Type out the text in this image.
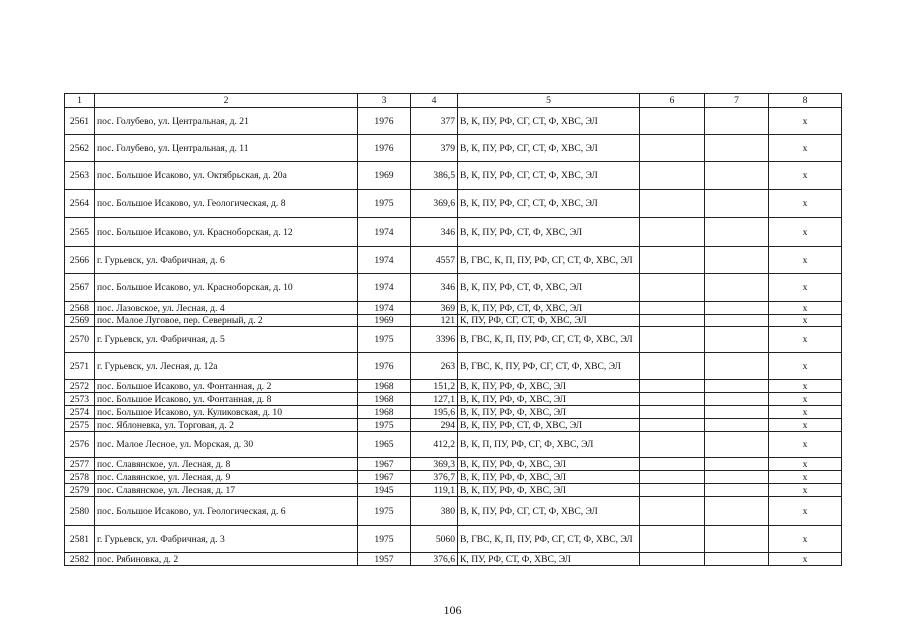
1	2	3	4	5	6	7	8
2561	пос. Голубево, ул. Центральная, д. 21	1976	377	В, К, ПУ, РФ, СГ, СТ, Ф, ХВС, ЭЛ			х
2562	пос. Голубево, ул. Центральная, д. 11	1976	379	В, К, ПУ, РФ, СГ, СТ, Ф, ХВС, ЭЛ			х
2563	пос. Большое Исаково, ул. Октябрьская, д. 20а	1969	386,5	В, К, ПУ, РФ, СГ, СТ, Ф, ХВС, ЭЛ			х
2564	пос. Большое Исаково, ул. Геологическая, д. 8	1975	369,6	В, К, ПУ, РФ, СГ, СТ, Ф, ХВС, ЭЛ			х
2565	пос. Большое Исаково, ул. Красноборская, д. 12	1974	346	В, К, ПУ, РФ, СТ, Ф, ХВС, ЭЛ			х
2566	г. Гурьевск, ул. Фабричная, д. 6	1974	4557	В, ГВС, К, П, ПУ, РФ, СГ, СТ, Ф, ХВС, ЭЛ			х
2567	пос. Большое Исаково, ул. Красноборская, д. 10	1974	346	В, К, ПУ, РФ, СТ, Ф, ХВС, ЭЛ			х
2568	пос. Лазовское, ул. Лесная, д. 4	1974	369	В, К, ПУ, РФ, СТ, Ф, ХВС, ЭЛ			х
2569	пос. Малое Луговое, пер. Северный, д. 2	1969	121	К, ПУ, РФ, СГ, СТ, Ф, ХВС, ЭЛ			х
2570	г. Гурьевск, ул. Фабричная, д. 5	1975	3396	В, ГВС, К, П, ПУ, РФ, СГ, СТ, Ф, ХВС, ЭЛ			х
2571	г. Гурьевск, ул. Лесная, д. 12а	1976	263	В, ГВС, К, ПУ, РФ, СГ, СТ, Ф, ХВС, ЭЛ			х
2572	пос. Большое Исаково, ул. Фонтанная, д. 2	1968	151,2	В, К, ПУ, РФ, Ф, ХВС, ЭЛ			х
2573	пос. Большое Исаково, ул. Фонтанная, д. 8	1968	127,1	В, К, ПУ, РФ, Ф, ХВС, ЭЛ			х
2574	пос. Большое Исаково, ул. Куликовская, д. 10	1968	195,6	В, К, ПУ, РФ, Ф, ХВС, ЭЛ			х
2575	пос. Яблоневка, ул. Торговая, д. 2	1975	294	В, К, ПУ, РФ, СТ, Ф, ХВС, ЭЛ			х
2576	пос. Малое Лесное, ул. Морская, д. 30	1965	412,2	В, К, П, ПУ, РФ, СГ, Ф, ХВС, ЭЛ			х
2577	пос. Славянское, ул. Лесная, д. 8	1967	369,3	В, К, ПУ, РФ, Ф, ХВС, ЭЛ			х
2578	пос. Славянское, ул. Лесная, д. 9	1967	376,7	В, К, ПУ, РФ, Ф, ХВС, ЭЛ			х
2579	пос. Славянское, ул. Лесная, д. 17	1945	119,1	В, К, ПУ, РФ, Ф, ХВС, ЭЛ			х
2580	пос. Большое Исаково, ул. Геологическая, д. 6	1975	380	В, К, ПУ, РФ, СГ, СТ, Ф, ХВС, ЭЛ			х
2581	г. Гурьевск, ул. Фабричная, д. 3	1975	5060	В, ГВС, К, П, ПУ, РФ, СГ, СТ, Ф, ХВС, ЭЛ			х
2582	пос. Рябиновка, д. 2	1957	376,6	К, ПУ, РФ, СТ, Ф, ХВС, ЭЛ			х
106
